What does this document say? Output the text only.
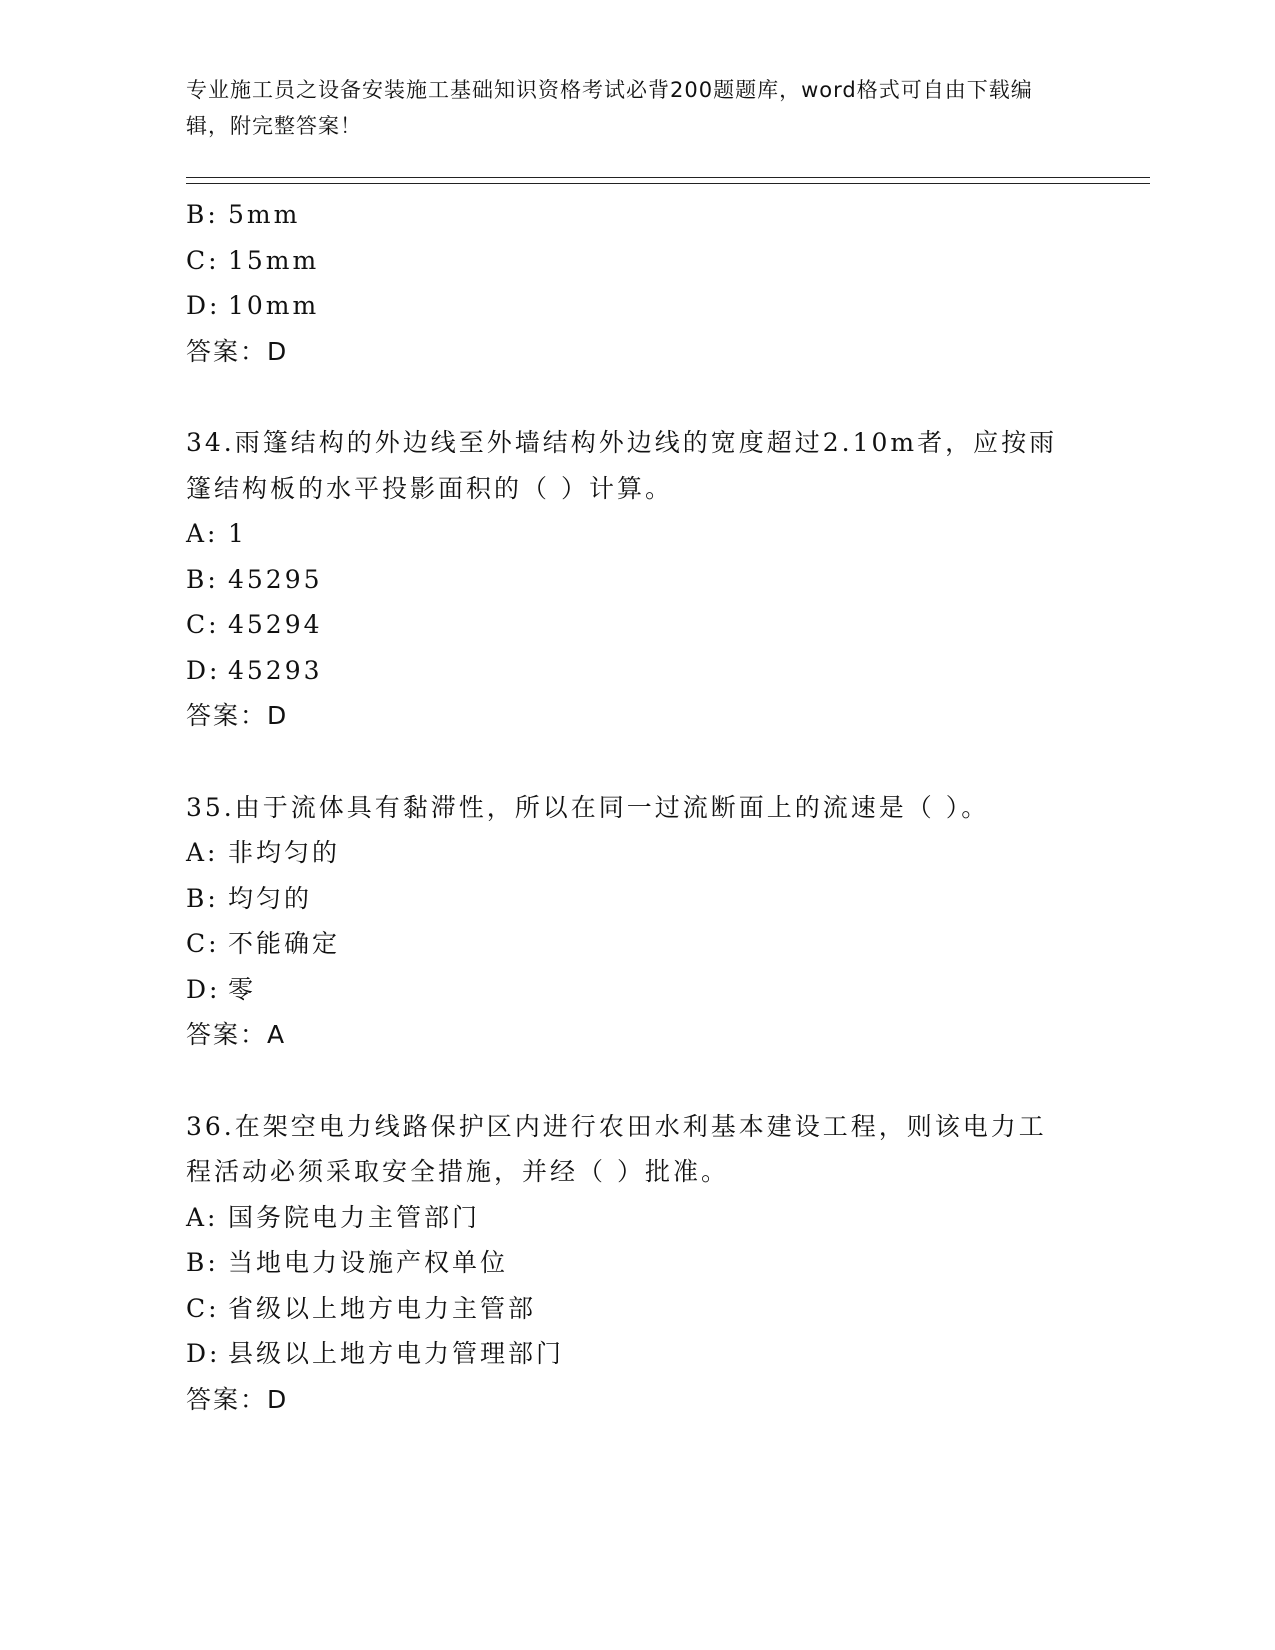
专业施工员之设备安装施工基础知识资格考试必背200题题库，word格式可自由下载编辑，附完整答案！
B: 5mm
C: 15mm
D: 10mm
答案：D
34.雨篷结构的外边线至外墙结构外边线的宽度超过2.10m者，应按雨篷结构板的水平投影面积的（ ）计算。
A: 1
B: 45295
C: 45294
D: 45293
答案：D
35.由于流体具有黏滞性，所以在同一过流断面上的流速是（ ）。
A: 非均匀的
B: 均匀的
C: 不能确定
D: 零
答案：A
36.在架空电力线路保护区内进行农田水利基本建设工程，则该电力工程活动必须采取安全措施，并经（ ）批准。
A: 国务院电力主管部门
B: 当地电力设施产权单位
C: 省级以上地方电力主管部
D: 县级以上地方电力管理部门
答案：D
